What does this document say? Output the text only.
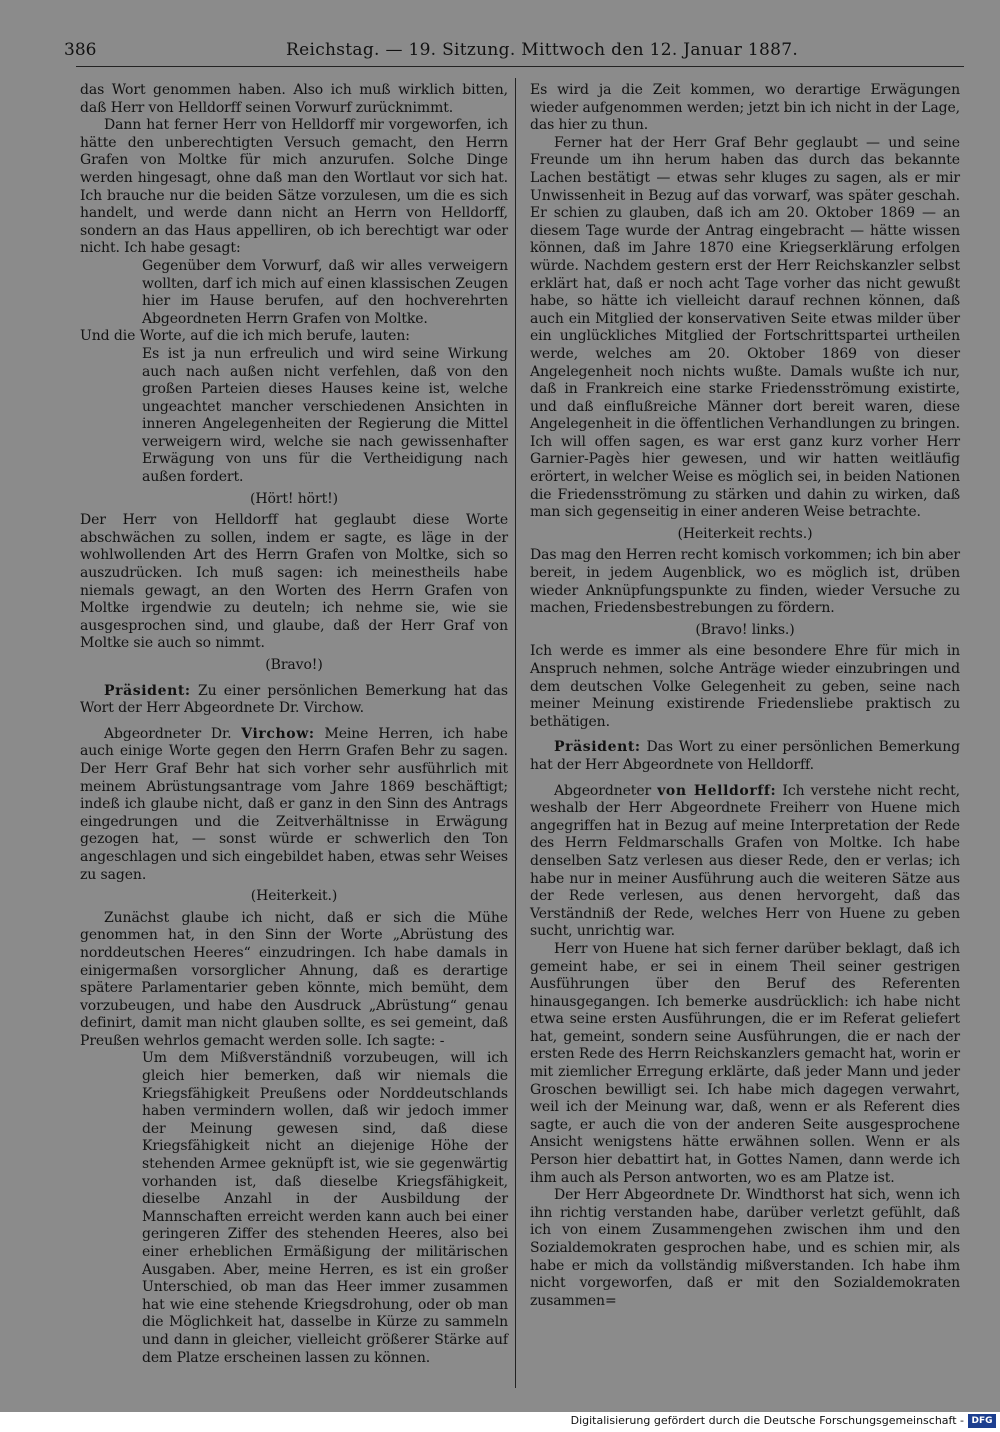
386	Reichstag. — 19. Sitzung. Mittwoch den 12. Januar 1887.

das Wort genommen haben. Also ich muß wirklich bitten, daß Herr von Helldorff seinen Vorwurf zurücknimmt.

Dann hat ferner Herr von Helldorff mir vorgeworfen, ich hätte den unberechtigten Versuch gemacht, den Herrn Grafen von Moltke für mich anzurufen. Solche Dinge werden hingesagt, ohne daß man den Wortlaut vor sich hat. Ich brauche nur die beiden Sätze vorzulesen, um die es sich handelt, und werde dann nicht an Herrn von Helldorff, sondern an das Haus appelliren, ob ich berechtigt war oder nicht. Ich habe gesagt:

Gegenüber dem Vorwurf, daß wir alles verweigern wollten, darf ich mich auf einen klassischen Zeugen hier im Hause berufen, auf den hochverehrten Abgeordneten Herrn Grafen von Moltke.

Und die Worte, auf die ich mich berufe, lauten:

Es ist ja nun erfreulich und wird seine Wirkung auch nach außen nicht verfehlen, daß von den großen Parteien dieses Hauses keine ist, welche ungeachtet mancher verschiedenen Ansichten in inneren Angelegenheiten der Regierung die Mittel verweigern wird, welche sie nach gewissenhafter Erwägung von uns für die Vertheidigung nach außen fordert.

(Hört! hört!)

Der Herr von Helldorff hat geglaubt diese Worte abschwächen zu sollen, indem er sagte, es läge in der wohlwollenden Art des Herrn Grafen von Moltke, sich so auszudrücken. Ich muß sagen: ich meinestheils habe niemals gewagt, an den Worten des Herrn Grafen von Moltke irgendwie zu deuteln; ich nehme sie, wie sie ausgesprochen sind, und glaube, daß der Herr Graf von Moltke sie auch so nimmt.

(Bravo!)

Präsident: Zu einer persönlichen Bemerkung hat das Wort der Herr Abgeordnete Dr. Virchow.

Abgeordneter Dr. Virchow: Meine Herren, ich habe auch einige Worte gegen den Herrn Grafen Behr zu sagen. Der Herr Graf Behr hat sich vorher sehr ausführlich mit meinem Abrüstungsantrage vom Jahre 1869 beschäftigt; indeß ich glaube nicht, daß er ganz in den Sinn des Antrags eingedrungen und die Zeitverhältnisse in Erwägung gezogen hat, — sonst würde er schwerlich den Ton angeschlagen und sich eingebildet haben, etwas sehr Weises zu sagen.

(Heiterkeit.)

Zunächst glaube ich nicht, daß er sich die Mühe genommen hat, in den Sinn der Worte „Abrüstung des norddeutschen Heeres“ einzudringen. Ich habe damals in einigermaßen vorsorglicher Ahnung, daß es derartige spätere Parlamentarier geben könnte, mich bemüht, dem vorzubeugen, und habe den Ausdruck „Abrüstung“ genau definirt, damit man nicht glauben sollte, es sei gemeint, daß Preußen wehrlos gemacht werden solle. Ich sagte: -

Um dem Mißverständniß vorzubeugen, will ich gleich hier bemerken, daß wir niemals die Kriegsfähigkeit Preußens oder Norddeutschlands haben vermindern wollen, daß wir jedoch immer der Meinung gewesen sind, daß diese Kriegsfähigkeit nicht an diejenige Höhe der stehenden Armee geknüpft ist, wie sie gegenwärtig vorhanden ist, daß dieselbe Kriegsfähigkeit, dieselbe Anzahl in der Ausbildung der Mannschaften erreicht werden kann auch bei einer geringeren Ziffer des stehenden Heeres, also bei einer erheblichen Ermäßigung der militärischen Ausgaben. Aber, meine Herren, es ist ein großer Unterschied, ob man das Heer immer zusammen hat wie eine stehende Kriegsdrohung, oder ob man die Möglichkeit hat, dasselbe in Kürze zu sammeln und dann in gleicher, vielleicht größerer Stärke auf dem Platze erscheinen lassen zu können.

Es wird ja die Zeit kommen, wo derartige Erwägungen wieder aufgenommen werden; jetzt bin ich nicht in der Lage, das hier zu thun.

Ferner hat der Herr Graf Behr geglaubt — und seine Freunde um ihn herum haben das durch das bekannte Lachen bestätigt — etwas sehr kluges zu sagen, als er mir Unwissenheit in Bezug auf das vorwarf, was später geschah. Er schien zu glauben, daß ich am 20. Oktober 1869 — an diesem Tage wurde der Antrag eingebracht — hätte wissen können, daß im Jahre 1870 eine Kriegserklärung erfolgen würde. Nachdem gestern erst der Herr Reichskanzler selbst erklärt hat, daß er noch acht Tage vorher das nicht gewußt habe, so hätte ich vielleicht darauf rechnen können, daß auch ein Mitglied der konservativen Seite etwas milder über ein unglückliches Mitglied der Fortschrittspartei urtheilen werde, welches am 20. Oktober 1869 von dieser Angelegenheit noch nichts wußte. Damals wußte ich nur, daß in Frankreich eine starke Friedensströmung existirte, und daß einflußreiche Männer dort bereit waren, diese Angelegenheit in die öffentlichen Verhandlungen zu bringen. Ich will offen sagen, es war erst ganz kurz vorher Herr Garnier-Pagès hier gewesen, und wir hatten weitläufig erörtert, in welcher Weise es möglich sei, in beiden Nationen die Friedensströmung zu stärken und dahin zu wirken, daß man sich gegenseitig in einer anderen Weise betrachte.

(Heiterkeit rechts.)

Das mag den Herren recht komisch vorkommen; ich bin aber bereit, in jedem Augenblick, wo es möglich ist, drüben wieder Anknüpfungspunkte zu finden, wieder Versuche zu machen, Friedensbestrebungen zu fördern.

(Bravo! links.)

Ich werde es immer als eine besondere Ehre für mich in Anspruch nehmen, solche Anträge wieder einzubringen und dem deutschen Volke Gelegenheit zu geben, seine nach meiner Meinung existirende Friedensliebe praktisch zu bethätigen.

Präsident: Das Wort zu einer persönlichen Bemerkung hat der Herr Abgeordnete von Helldorff.

Abgeordneter von Helldorff: Ich verstehe nicht recht, weshalb der Herr Abgeordnete Freiherr von Huene mich angegriffen hat in Bezug auf meine Interpretation der Rede des Herrn Feldmarschalls Grafen von Moltke. Ich habe denselben Satz verlesen aus dieser Rede, den er verlas; ich habe nur in meiner Ausführung auch die weiteren Sätze aus der Rede verlesen, aus denen hervorgeht, daß das Verständniß der Rede, welches Herr von Huene zu geben sucht, unrichtig war.

Herr von Huene hat sich ferner darüber beklagt, daß ich gemeint habe, er sei in einem Theil seiner gestrigen Ausführungen über den Beruf des Referenten hinausgegangen. Ich bemerke ausdrücklich: ich habe nicht etwa seine ersten Ausführungen, die er im Referat geliefert hat, gemeint, sondern seine Ausführungen, die er nach der ersten Rede des Herrn Reichskanzlers gemacht hat, worin er mit ziemlicher Erregung erklärte, daß jeder Mann und jeder Groschen bewilligt sei. Ich habe mich dagegen verwahrt, weil ich der Meinung war, daß, wenn er als Referent dies sagte, er auch die von der anderen Seite ausgesprochene Ansicht wenigstens hätte erwähnen sollen. Wenn er als Person hier debattirt hat, in Gottes Namen, dann werde ich ihm auch als Person antworten, wo es am Platze ist.

Der Herr Abgeordnete Dr. Windthorst hat sich, wenn ich ihn richtig verstanden habe, darüber verletzt gefühlt, daß ich von einem Zusammengehen zwischen ihm und den Sozialdemokraten gesprochen habe, und es schien mir, als habe er mich da vollständig mißverstanden. Ich habe ihm nicht vorgeworfen, daß er mit den Sozialdemokraten zusammen=

Digitalisierung gefördert durch die Deutsche Forschungsgemeinschaft - DFG
